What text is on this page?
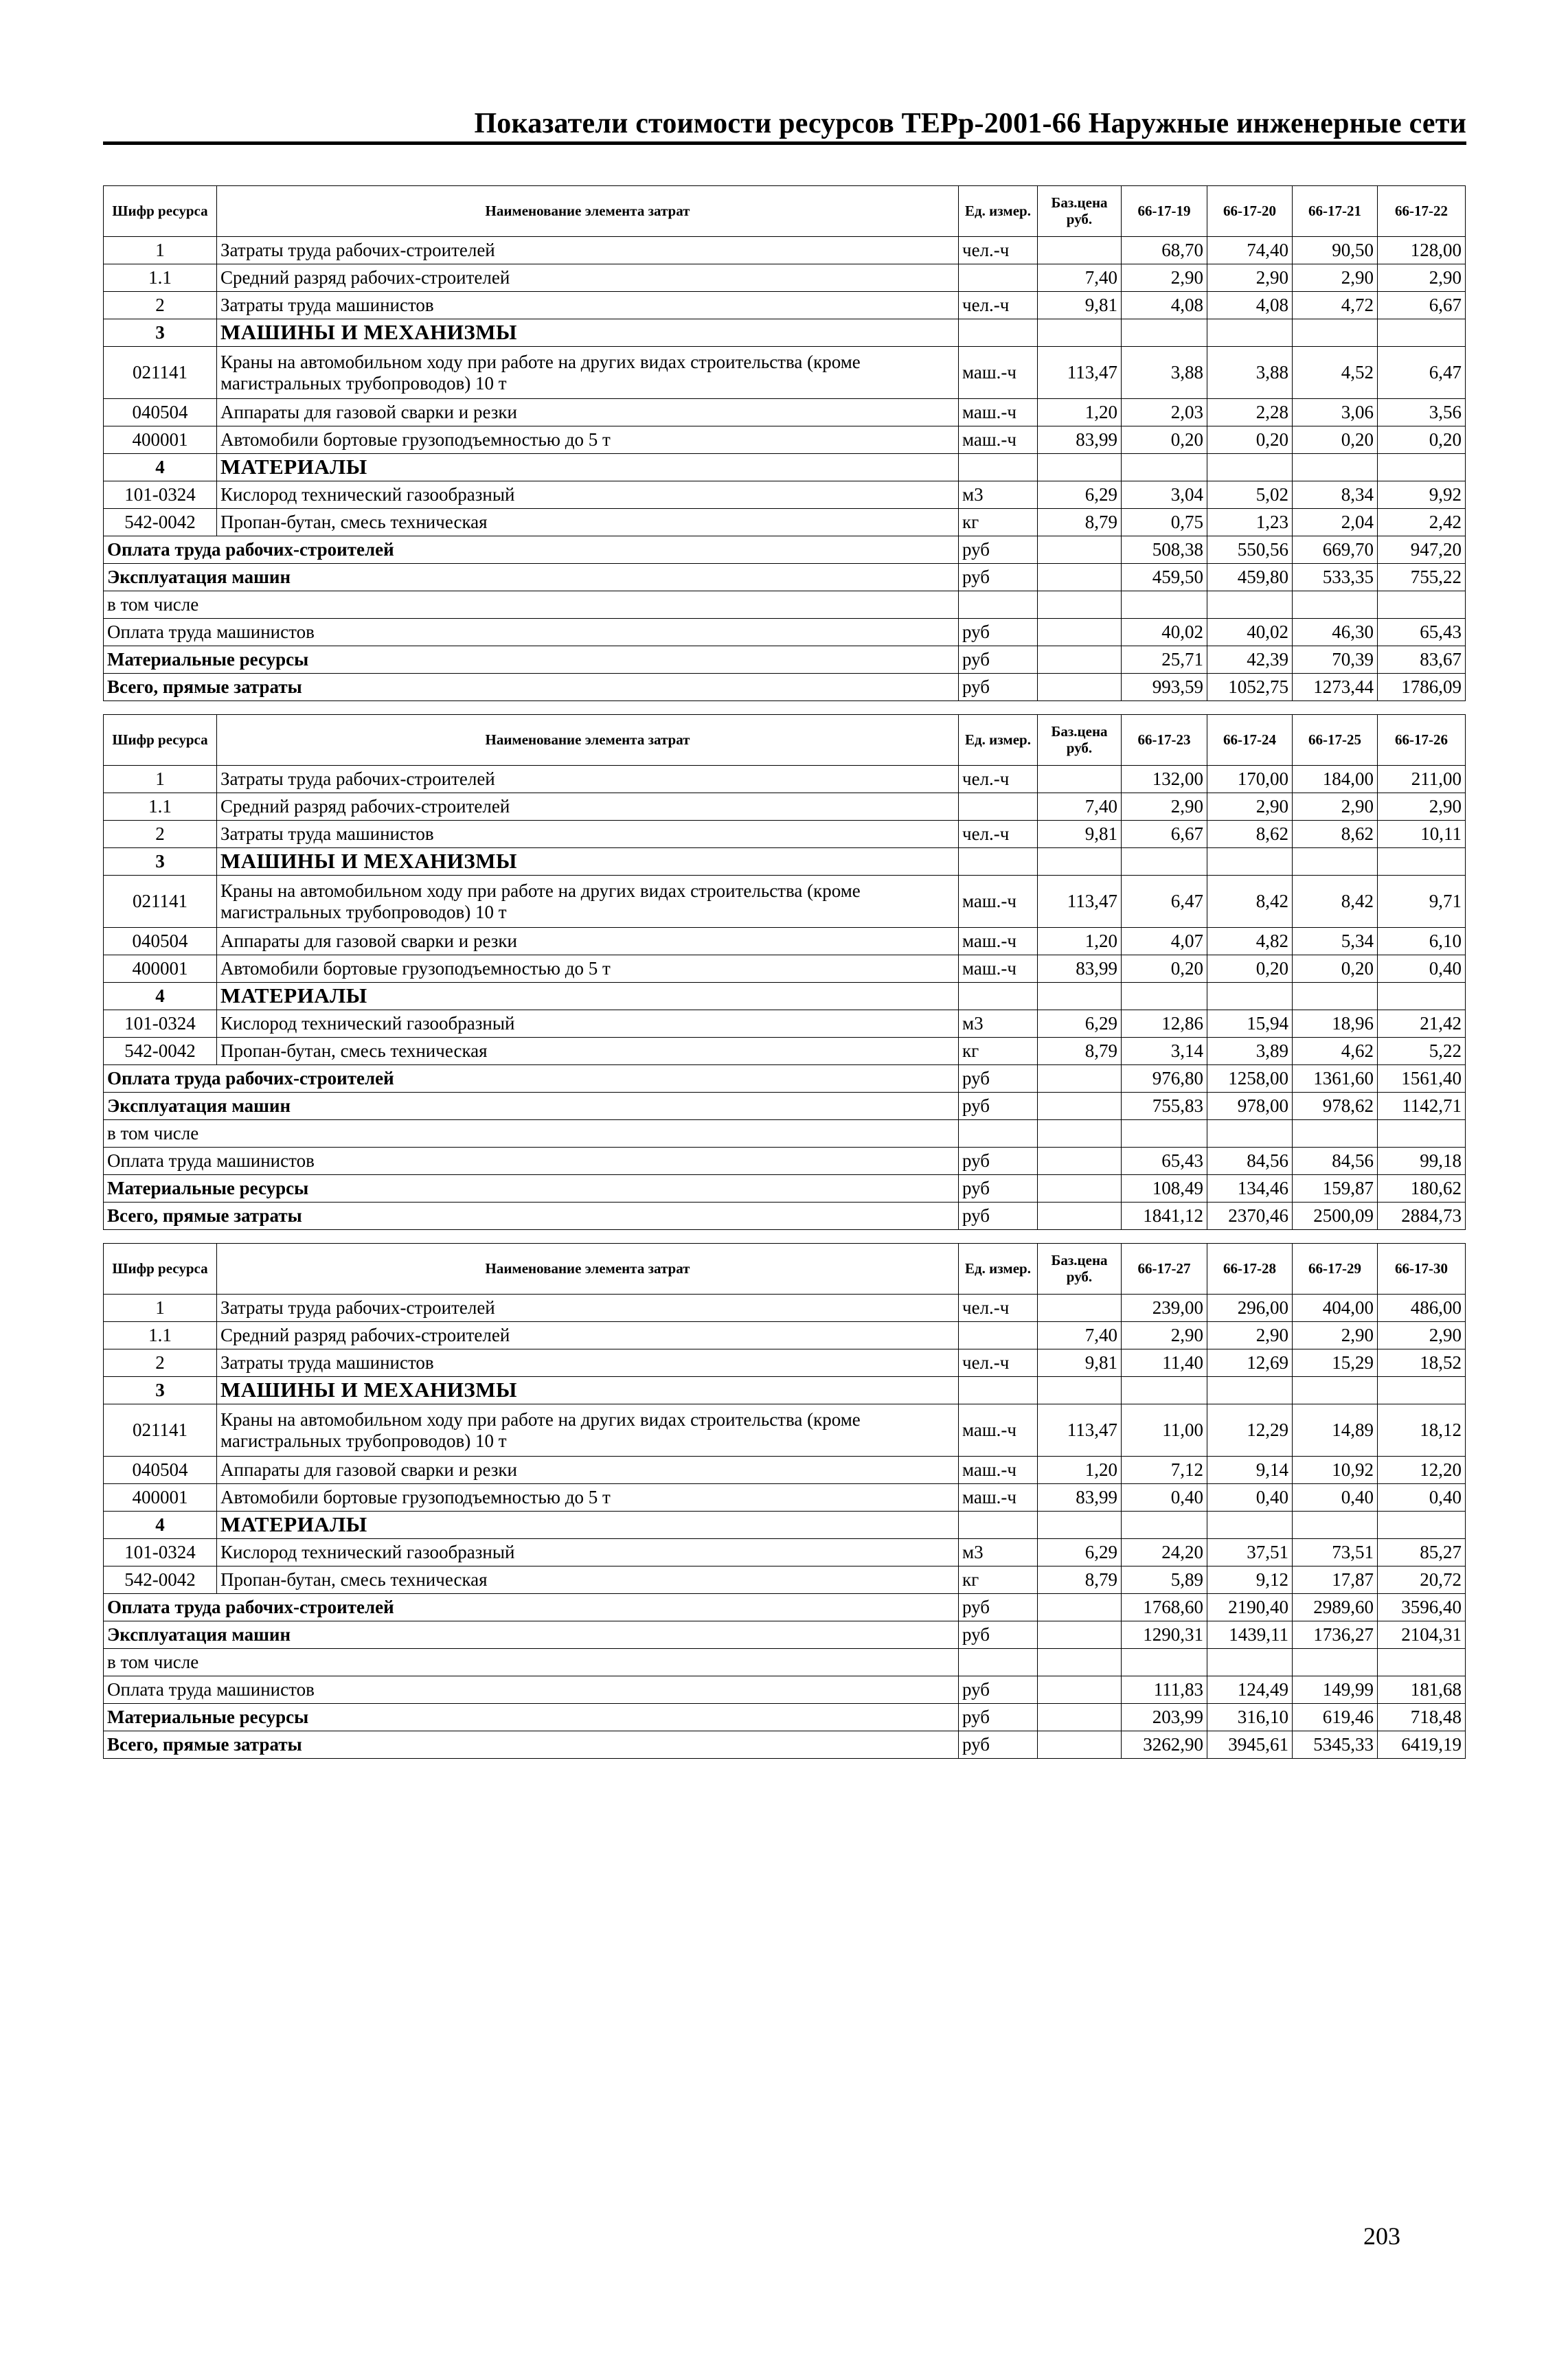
Показатели стоимости ресурсов ТЕРр-2001-66 Наружные инженерные сети
Шифр ресурса	Наименование элемента затрат	Ед. измер.	Баз.цена руб.	66-17-19	66-17-20	66-17-21	66-17-22
1	Затраты труда рабочих-строителей	чел.-ч		68,70	74,40	90,50	128,00
1.1	Средний разряд рабочих-строителей		7,40	2,90	2,90	2,90	2,90
2	Затраты труда машинистов	чел.-ч	9,81	4,08	4,08	4,72	6,67
3	МАШИНЫ И МЕХАНИЗМЫ						
021141	Краны на автомобильном ходу при работе на других видах строительства (кроме магистральных трубопроводов) 10 т	маш.-ч	113,47	3,88	3,88	4,52	6,47
040504	Аппараты для газовой сварки и резки	маш.-ч	1,20	2,03	2,28	3,06	3,56
400001	Автомобили бортовые грузоподъемностью до 5 т	маш.-ч	83,99	0,20	0,20	0,20	0,20
4	МАТЕРИАЛЫ						
101-0324	Кислород технический газообразный	м3	6,29	3,04	5,02	8,34	9,92
542-0042	Пропан-бутан, смесь техническая	кг	8,79	0,75	1,23	2,04	2,42
Оплата труда рабочих-строителей		руб		508,38	550,56	669,70	947,20
Эксплуатация машин		руб		459,50	459,80	533,35	755,22
в том числе							
Оплата труда машинистов		руб		40,02	40,02	46,30	65,43
Материальные ресурсы		руб		25,71	42,39	70,39	83,67
Всего, прямые затраты		руб		993,59	1052,75	1273,44	1786,09
Шифр ресурса	Наименование элемента затрат	Ед. измер.	Баз.цена руб.	66-17-23	66-17-24	66-17-25	66-17-26
1	Затраты труда рабочих-строителей	чел.-ч		132,00	170,00	184,00	211,00
1.1	Средний разряд рабочих-строителей		7,40	2,90	2,90	2,90	2,90
2	Затраты труда машинистов	чел.-ч	9,81	6,67	8,62	8,62	10,11
3	МАШИНЫ И МЕХАНИЗМЫ						
021141	Краны на автомобильном ходу при работе на других видах строительства (кроме магистральных трубопроводов) 10 т	маш.-ч	113,47	6,47	8,42	8,42	9,71
040504	Аппараты для газовой сварки и резки	маш.-ч	1,20	4,07	4,82	5,34	6,10
400001	Автомобили бортовые грузоподъемностью до 5 т	маш.-ч	83,99	0,20	0,20	0,20	0,40
4	МАТЕРИАЛЫ						
101-0324	Кислород технический газообразный	м3	6,29	12,86	15,94	18,96	21,42
542-0042	Пропан-бутан, смесь техническая	кг	8,79	3,14	3,89	4,62	5,22
Оплата труда рабочих-строителей		руб		976,80	1258,00	1361,60	1561,40
Эксплуатация машин		руб		755,83	978,00	978,62	1142,71
в том числе							
Оплата труда машинистов		руб		65,43	84,56	84,56	99,18
Материальные ресурсы		руб		108,49	134,46	159,87	180,62
Всего, прямые затраты		руб		1841,12	2370,46	2500,09	2884,73
Шифр ресурса	Наименование элемента затрат	Ед. измер.	Баз.цена руб.	66-17-27	66-17-28	66-17-29	66-17-30
1	Затраты труда рабочих-строителей	чел.-ч		239,00	296,00	404,00	486,00
1.1	Средний разряд рабочих-строителей		7,40	2,90	2,90	2,90	2,90
2	Затраты труда машинистов	чел.-ч	9,81	11,40	12,69	15,29	18,52
3	МАШИНЫ И МЕХАНИЗМЫ						
021141	Краны на автомобильном ходу при работе на других видах строительства (кроме магистральных трубопроводов) 10 т	маш.-ч	113,47	11,00	12,29	14,89	18,12
040504	Аппараты для газовой сварки и резки	маш.-ч	1,20	7,12	9,14	10,92	12,20
400001	Автомобили бортовые грузоподъемностью до 5 т	маш.-ч	83,99	0,40	0,40	0,40	0,40
4	МАТЕРИАЛЫ						
101-0324	Кислород технический газообразный	м3	6,29	24,20	37,51	73,51	85,27
542-0042	Пропан-бутан, смесь техническая	кг	8,79	5,89	9,12	17,87	20,72
Оплата труда рабочих-строителей		руб		1768,60	2190,40	2989,60	3596,40
Эксплуатация машин		руб		1290,31	1439,11	1736,27	2104,31
в том числе							
Оплата труда машинистов		руб		111,83	124,49	149,99	181,68
Материальные ресурсы		руб		203,99	316,10	619,46	718,48
Всего, прямые затраты		руб		3262,90	3945,61	5345,33	6419,19
203
